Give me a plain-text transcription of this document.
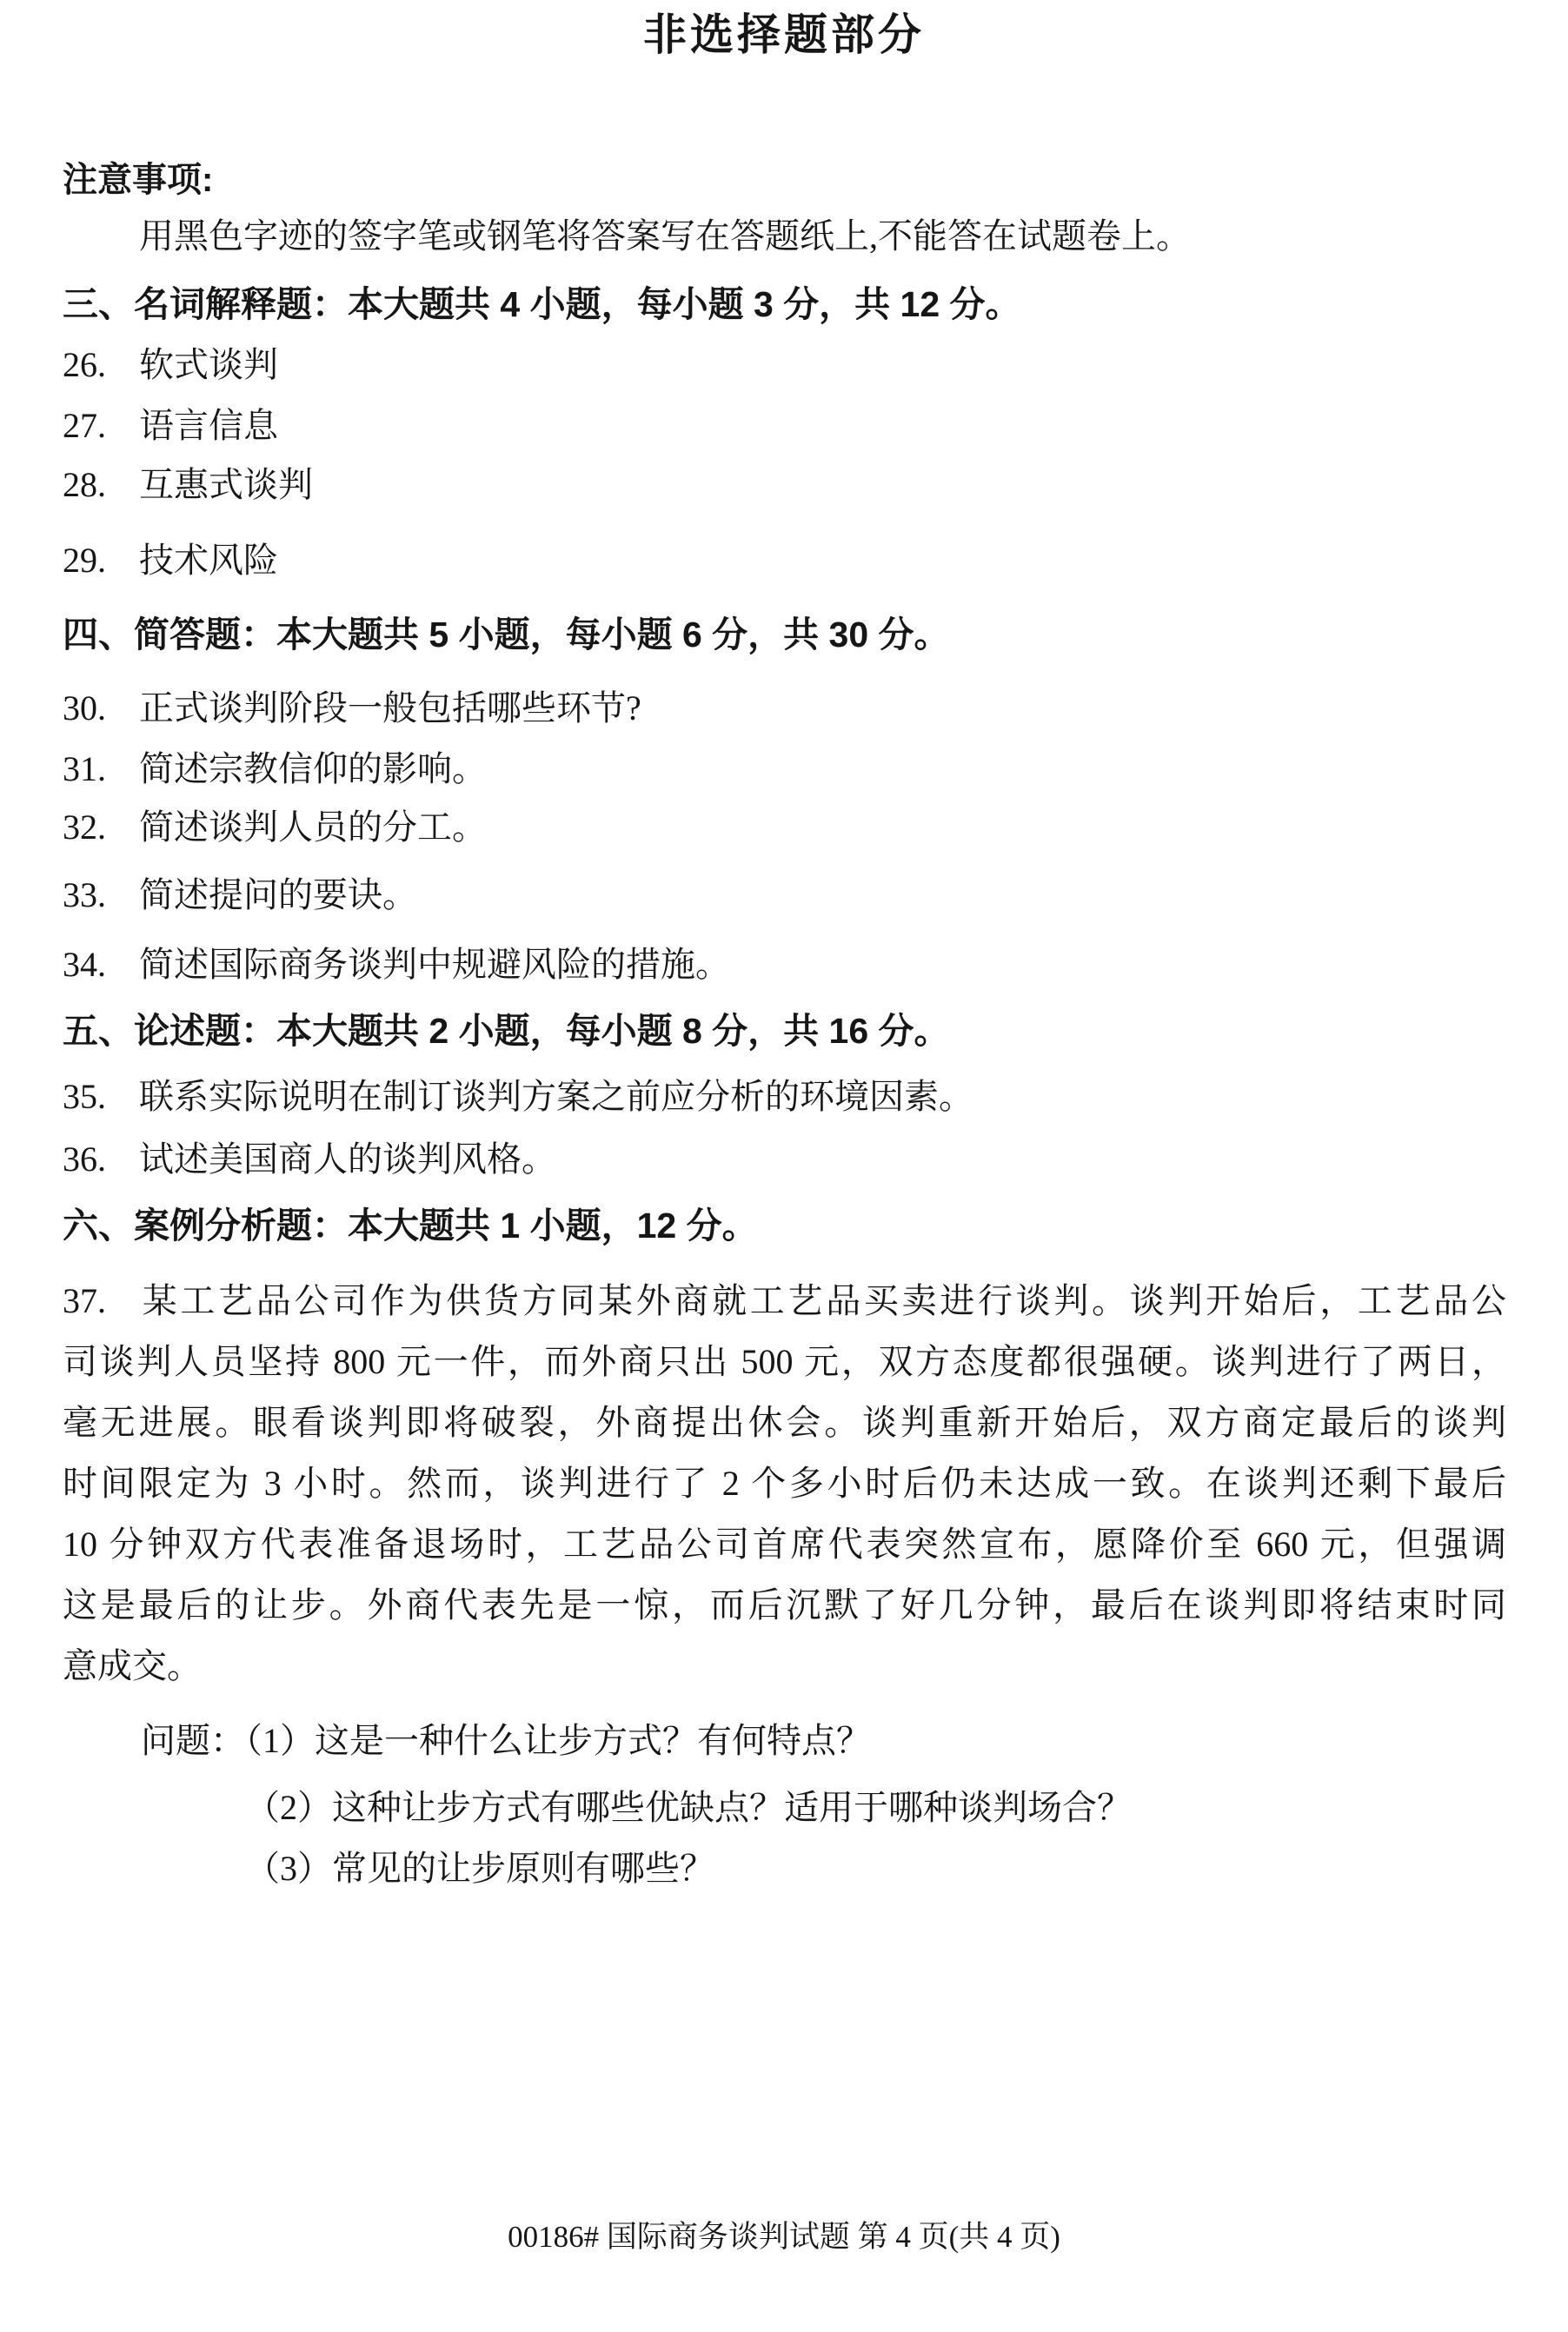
非选择题部分
注意事项:
用黑色字迹的签字笔或钢笔将答案写在答题纸上,不能答在试题卷上。
三、名词解释题：本大题共 4 小题，每小题 3 分，共 12 分。
26. 软式谈判
27. 语言信息
28. 互惠式谈判
29. 技术风险
四、简答题：本大题共 5 小题，每小题 6 分，共 30 分。
30. 正式谈判阶段一般包括哪些环节?
31. 简述宗教信仰的影响。
32. 简述谈判人员的分工。
33. 简述提问的要诀。
34. 简述国际商务谈判中规避风险的措施。
五、论述题：本大题共 2 小题，每小题 8 分，共 16 分。
35. 联系实际说明在制订谈判方案之前应分析的环境因素。
36. 试述美国商人的谈判风格。
六、案例分析题：本大题共 1 小题，12 分。
37. 某工艺品公司作为供货方同某外商就工艺品买卖进行谈判。谈判开始后，工艺品公
司谈判人员坚持 800 元一件，而外商只出 500 元，双方态度都很强硬。谈判进行了两日，
毫无进展。眼看谈判即将破裂，外商提出休会。谈判重新开始后，双方商定最后的谈判
时间限定为 3 小时。然而，谈判进行了 2 个多小时后仍未达成一致。在谈判还剩下最后
10 分钟双方代表准备退场时，工艺品公司首席代表突然宣布，愿降价至 660 元，但强调
这是最后的让步。外商代表先是一惊，而后沉默了好几分钟，最后在谈判即将结束时同
意成交。
问题：（1）这是一种什么让步方式？有何特点？
（2）这种让步方式有哪些优缺点？适用于哪种谈判场合？
（3）常见的让步原则有哪些？
00186# 国际商务谈判试题 第 4 页(共 4 页)
